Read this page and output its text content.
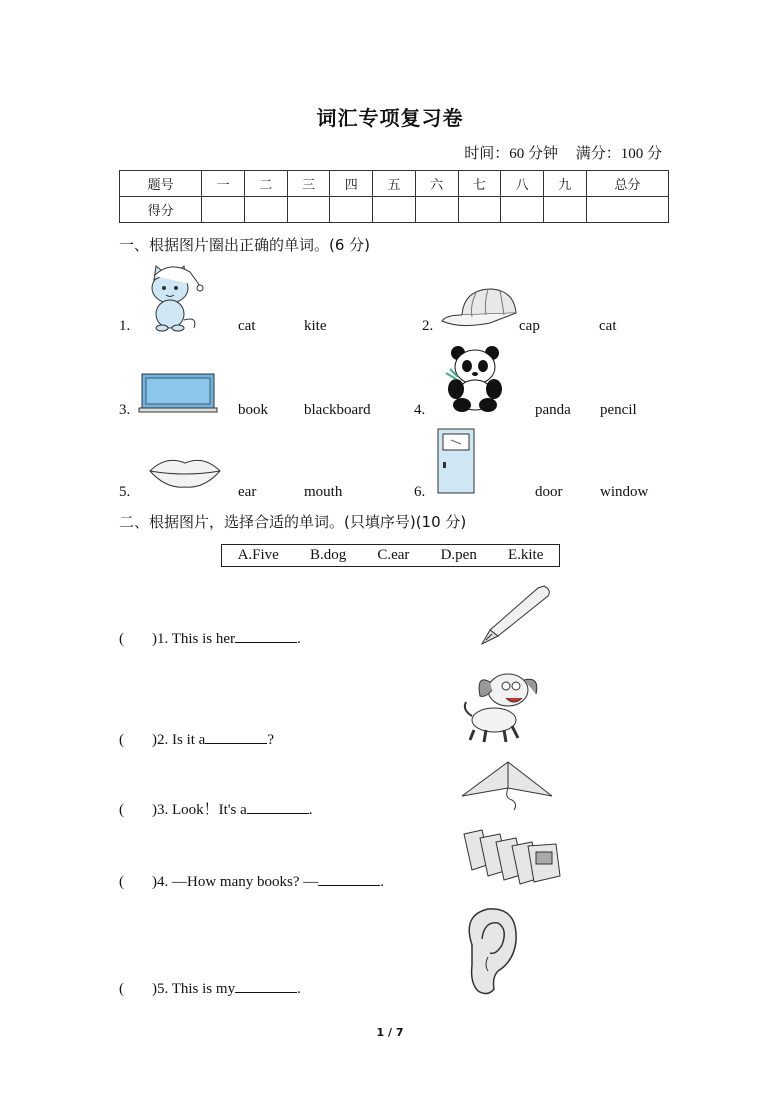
词汇专项复习卷
时间：60 分钟 满分：100 分
题号	一	二	三	四	五	六	七	八	九	总分
得分										
一、根据图片圈出正确的单词。(6 分)
1.	cat	kite	2.	cap	cat
3.	book blackboard	4.	panda pencil
5.	ear	mouth	6.	door	window
二、根据图片，选择合适的单词。(只填序号)(10 分)
A.Five B.dog C.ear D.pen E.kite
( )1. This is her	.
( )2. Is it a	?
( )3. Look！It's a	.
( )4. —How many books? —	.
( )5. This is my	.
1 / 7
